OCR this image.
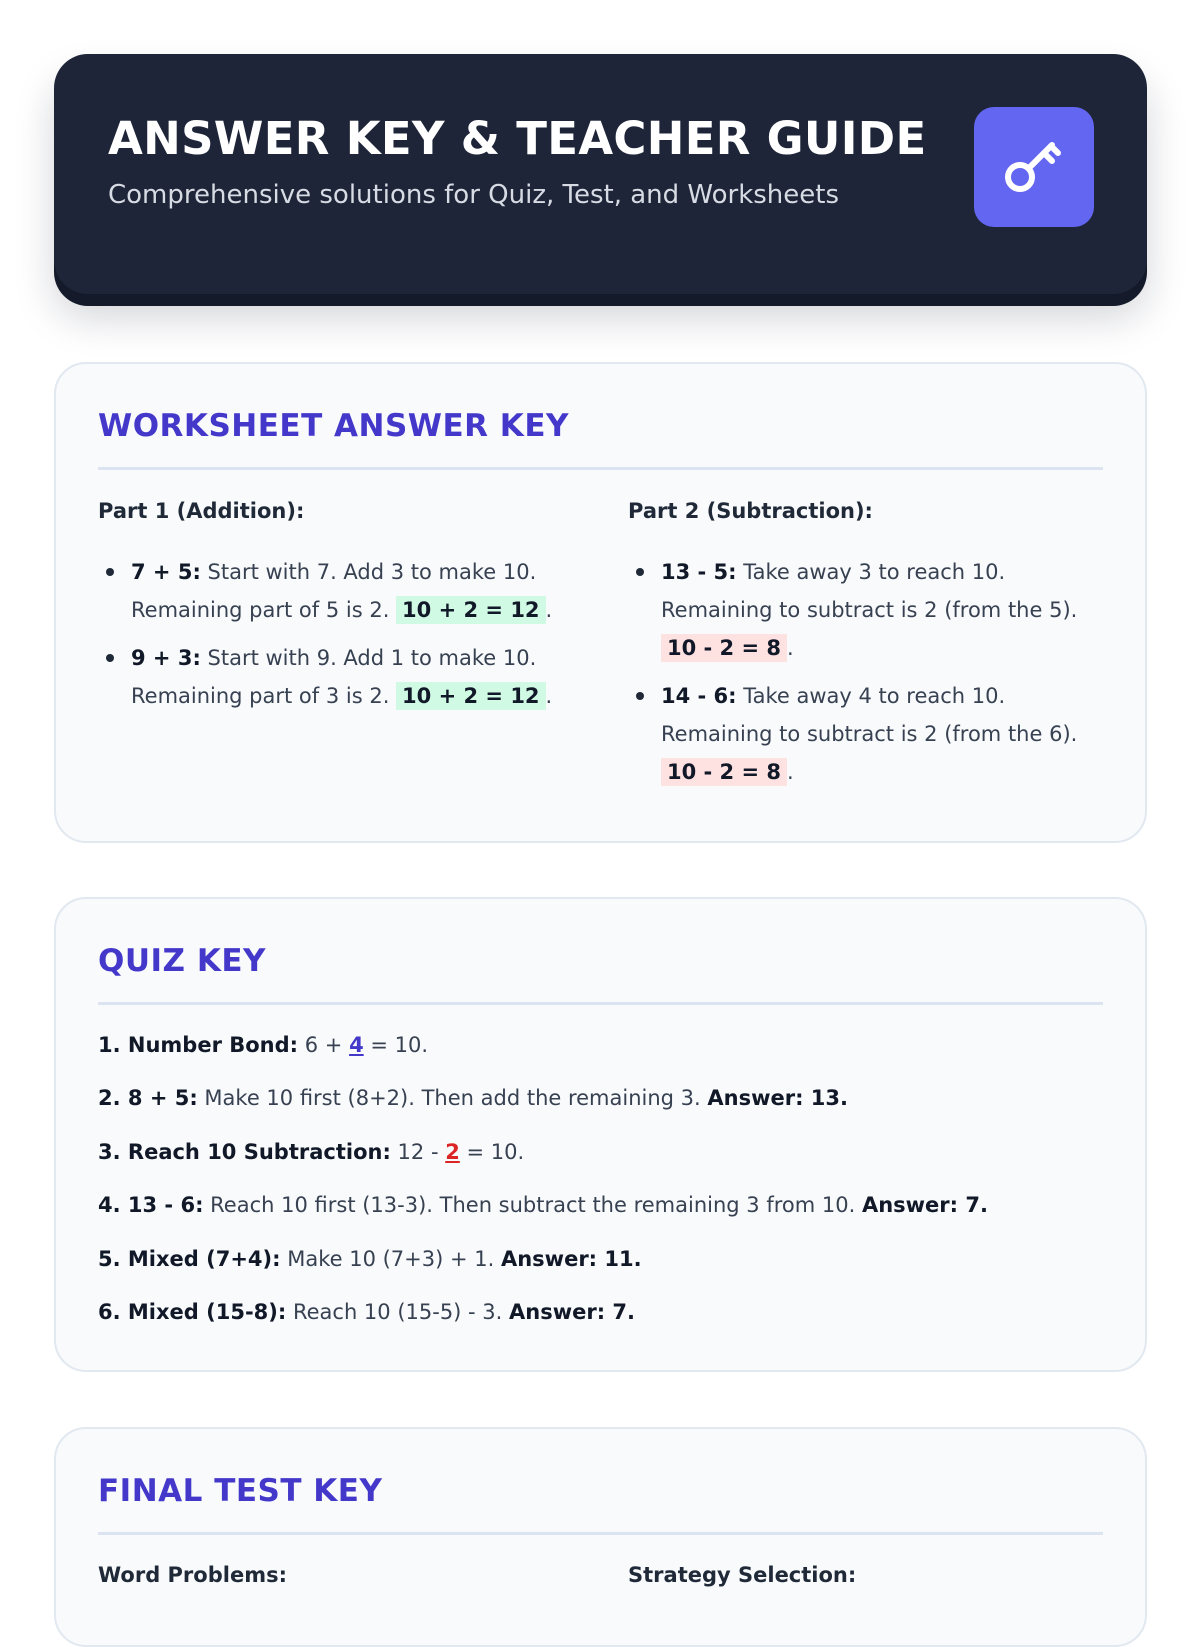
ANSWER KEY & TEACHER GUIDE
Comprehensive solutions for Quiz, Test, and Worksheets
WORKSHEET ANSWER KEY
Part 1 (Addition):
7 + 5: Start with 7. Add 3 to make 10. Remaining part of 5 is 2. 10 + 2 = 12 .
9 + 3: Start with 9. Add 1 to make 10. Remaining part of 3 is 2. 10 + 2 = 12 .
Part 2 (Subtraction):
13 - 5: Take away 3 to reach 10. Remaining to subtract is 2 (from the 5). 10 - 2 = 8 .
14 - 6: Take away 4 to reach 10. Remaining to subtract is 2 (from the 6). 10 - 2 = 8 .
QUIZ KEY
1. Number Bond: 6 + 4 = 10.
2. 8 + 5: Make 10 first (8+2). Then add the remaining 3. Answer: 13.
3. Reach 10 Subtraction: 12 - 2 = 10.
4. 13 - 6: Reach 10 first (13-3). Then subtract the remaining 3 from 10. Answer: 7.
5. Mixed (7+4): Make 10 (7+3) + 1. Answer: 11.
6. Mixed (15-8): Reach 10 (15-5) - 3. Answer: 7.
FINAL TEST KEY
Word Problems:	Strategy Selection:
